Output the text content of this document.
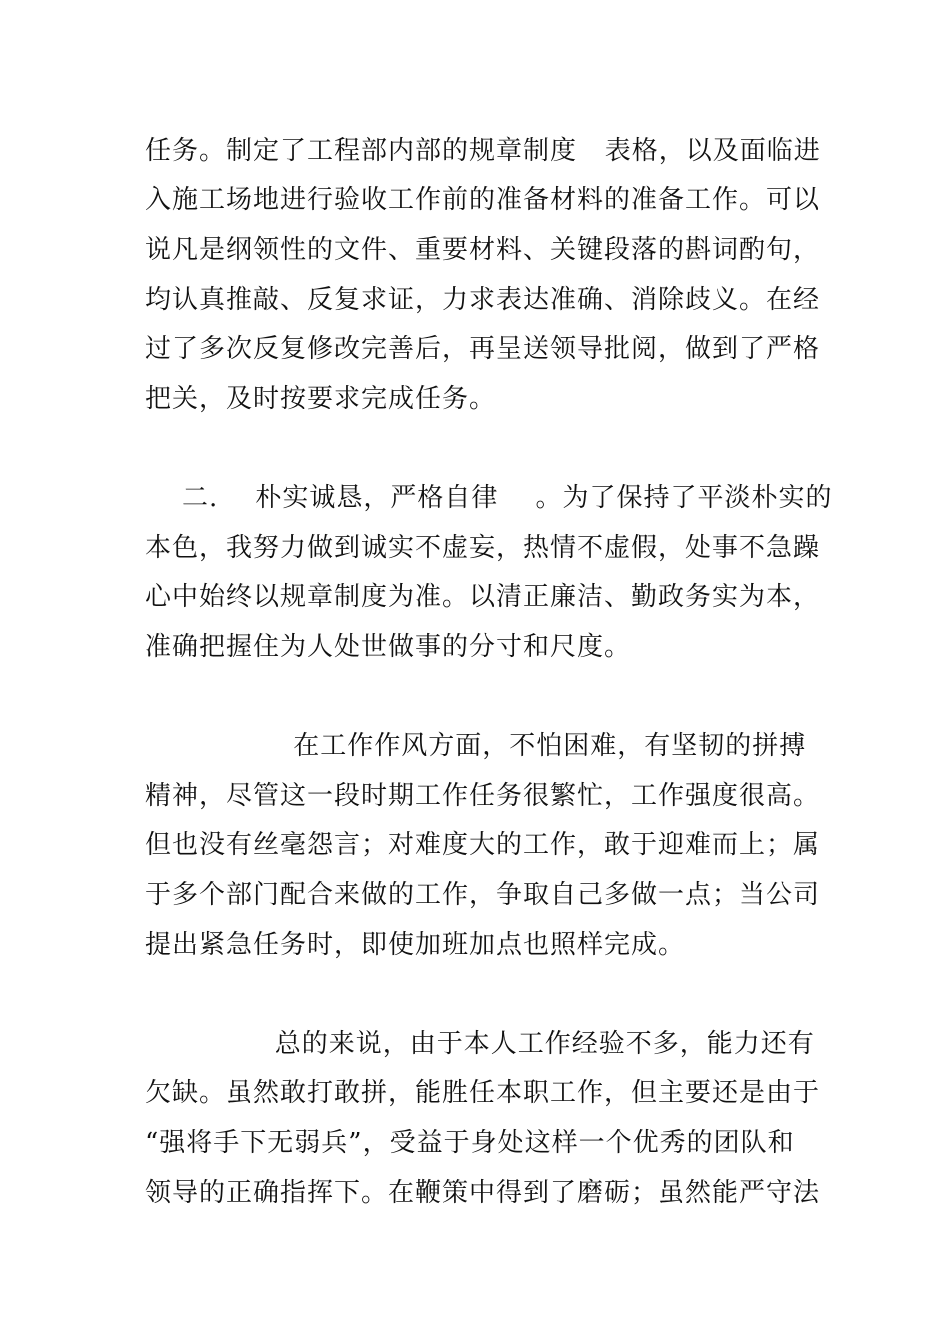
任务。制定了工程部内部的规章制度   表格，以及面临进
入施工场地进行验收工作前的准备材料的准备工作。可以
说凡是纲领性的文件、重要材料、关键段落的斟词酌句，
均认真推敲、反复求证，力求表达准确、消除歧义。在经
过了多次反复修改完善后，再呈送领导批阅，做到了严格
把关，及时按要求完成任务。
二.    朴实诚恳，严格自律    。为了保持了平淡朴实的
本色，我努力做到诚实不虚妄，热情不虚假，处事不急躁
心中始终以规章制度为准。以清正廉洁、勤政务实为本，
准确把握住为人处世做事的分寸和尺度。
在工作作风方面，不怕困难，有坚韧的拼搏
精神，尽管这一段时期工作任务很繁忙，工作强度很高。
但也没有丝毫怨言；对难度大的工作，敢于迎难而上；属
于多个部门配合来做的工作，争取自己多做一点；当公司
提出紧急任务时，即使加班加点也照样完成。
总的来说，由于本人工作经验不多，能力还有
欠缺。虽然敢打敢拼，能胜任本职工作，但主要还是由于
“强将手下无弱兵”，受益于身处这样一个优秀的团队和
领导的正确指挥下。在鞭策中得到了磨砺；虽然能严守法
